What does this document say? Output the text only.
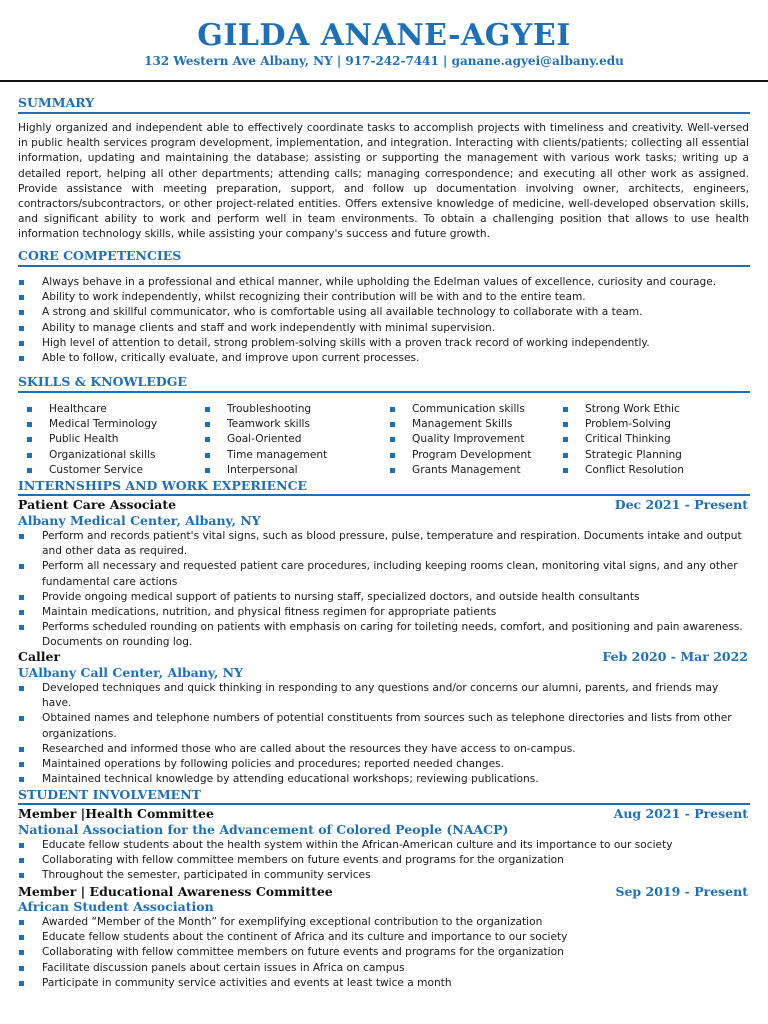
GILDA ANANE-AGYEI
132 Western Ave Albany, NY | 917-242-7441 | ganane.agyei@albany.edu
SUMMARY
Highly organized and independent able to effectively coordinate tasks to accomplish projects with timeliness and creativity. Well-versed in public health services program development, implementation, and integration. Interacting with clients/patients; collecting all essential information, updating and maintaining the database; assisting or supporting the management with various work tasks; writing up a detailed report, helping all other departments; attending calls; managing correspondence; and executing all other work as assigned. Provide assistance with meeting preparation, support, and follow up documentation involving owner, architects, engineers, contractors/subcontractors, or other project-related entities. Offers extensive knowledge of medicine, well-developed observation skills, and significant ability to work and perform well in team environments. To obtain a challenging position that allows to use health information technology skills, while assisting your company's success and future growth.
CORE COMPETENCIES
Always behave in a professional and ethical manner, while upholding the Edelman values of excellence, curiosity and courage.
Ability to work independently, whilst recognizing their contribution will be with and to the entire team.
A strong and skillful communicator, who is comfortable using all available technology to collaborate with a team.
Ability to manage clients and staff and work independently with minimal supervision.
High level of attention to detail, strong problem-solving skills with a proven track record of working independently.
Able to follow, critically evaluate, and improve upon current processes.
SKILLS & KNOWLEDGE
Healthcare
Medical Terminology
Public Health
Organizational skills
Customer Service
Troubleshooting
Teamwork skills
Goal-Oriented
Time management
Interpersonal
Communication skills
Management Skills
Quality Improvement
Program Development
Grants Management
Strong Work Ethic
Problem-Solving
Critical Thinking
Strategic Planning
Conflict Resolution
INTERNSHIPS AND WORK EXPERIENCE
Patient Care Associate	Dec 2021 - Present
Albany Medical Center, Albany, NY
Perform and records patient's vital signs, such as blood pressure, pulse, temperature and respiration. Documents intake and output and other data as required.
Perform all necessary and requested patient care procedures, including keeping rooms clean, monitoring vital signs, and any other fundamental care actions
Provide ongoing medical support of patients to nursing staff, specialized doctors, and outside health consultants
Maintain medications, nutrition, and physical fitness regimen for appropriate patients
Performs scheduled rounding on patients with emphasis on caring for toileting needs, comfort, and positioning and pain awareness. Documents on rounding log.
Caller	Feb 2020 - Mar 2022
UAlbany Call Center, Albany, NY
Developed techniques and quick thinking in responding to any questions and/or concerns our alumni, parents, and friends may have.
Obtained names and telephone numbers of potential constituents from sources such as telephone directories and lists from other organizations.
Researched and informed those who are called about the resources they have access to on-campus.
Maintained operations by following policies and procedures; reported needed changes.
Maintained technical knowledge by attending educational workshops; reviewing publications.
STUDENT INVOLVEMENT
Member |Health Committee	Aug 2021 - Present
National Association for the Advancement of Colored People (NAACP)
Educate fellow students about the health system within the African-American culture and its importance to our society
Collaborating with fellow committee members on future events and programs for the organization
Throughout the semester, participated in community services
Member | Educational Awareness Committee	Sep 2019 - Present
African Student Association
Awarded “Member of the Month” for exemplifying exceptional contribution to the organization
Educate fellow students about the continent of Africa and its culture and importance to our society
Collaborating with fellow committee members on future events and programs for the organization
Facilitate discussion panels about certain issues in Africa on campus
Participate in community service activities and events at least twice a month
